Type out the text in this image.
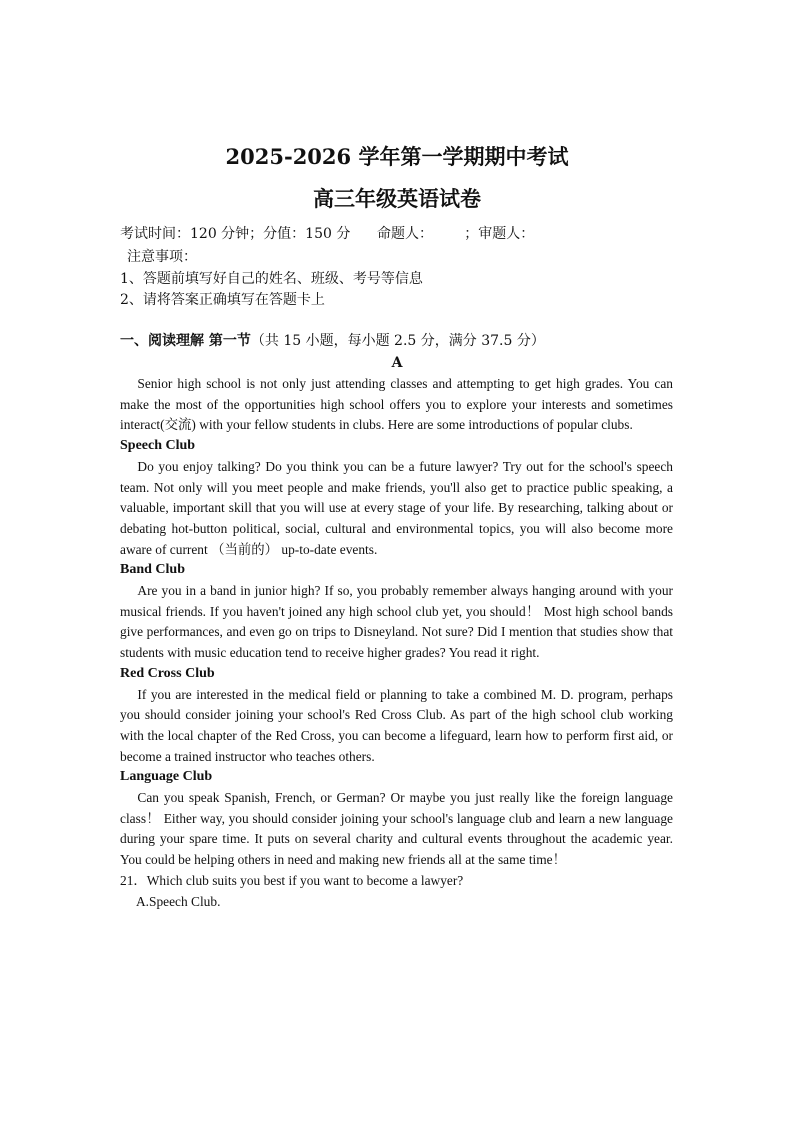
2025-2026 学年第一学期期中考试
高三年级英语试卷
考试时间：120 分钟；分值：150 分 命题人： ；审题人：
注意事项：
1、答题前填写好自己的姓名、班级、考号等信息
2、请将答案正确填写在答题卡上
一、阅读理解 第一节（共 15 小题，每小题 2.5 分，满分 37.5 分）
A

Senior high school is not only just attending classes and attempting to get high grades. You can make the most of the opportunities high school offers you to explore your interests and sometimes interact(交流) with your fellow students in clubs. Here are some introductions of popular clubs.

Speech Club

Do you enjoy talking? Do you think you can be a future lawyer? Try out for the school's speech team. Not only will you meet people and make friends, you'll also get to practice public speaking, a valuable, important skill that you will use at every stage of your life. By researching, talking about or debating hot-button political, social, cultural and environmental topics, you will also become more aware of current （当前的） up-to-date events.

Band Club

Are you in a band in junior high? If so, you probably remember always hanging around with your musical friends. If you haven't joined any high school club yet, you should！ Most high school bands give performances, and even go on trips to Disneyland. Not sure? Did I mention that studies show that students with music education tend to receive higher grades? You read it right.

Red Cross Club

If you are interested in the medical field or planning to take a combined M. D. program, perhaps you should consider joining your school's Red Cross Club. As part of the high school club working with the local chapter of the Red Cross, you can become a lifeguard, learn how to perform first aid, or become a trained instructor who teaches others.

Language Club

Can you speak Spanish, French, or German? Or maybe you just really like the foreign language class！ Either way, you should consider joining your school's language club and learn a new language during your spare time. It puts on several charity and cultural events throughout the academic year. You could be helping others in need and making new friends all at the same time！

21．Which club suits you best if you want to become a lawyer?
A.Speech Club.
